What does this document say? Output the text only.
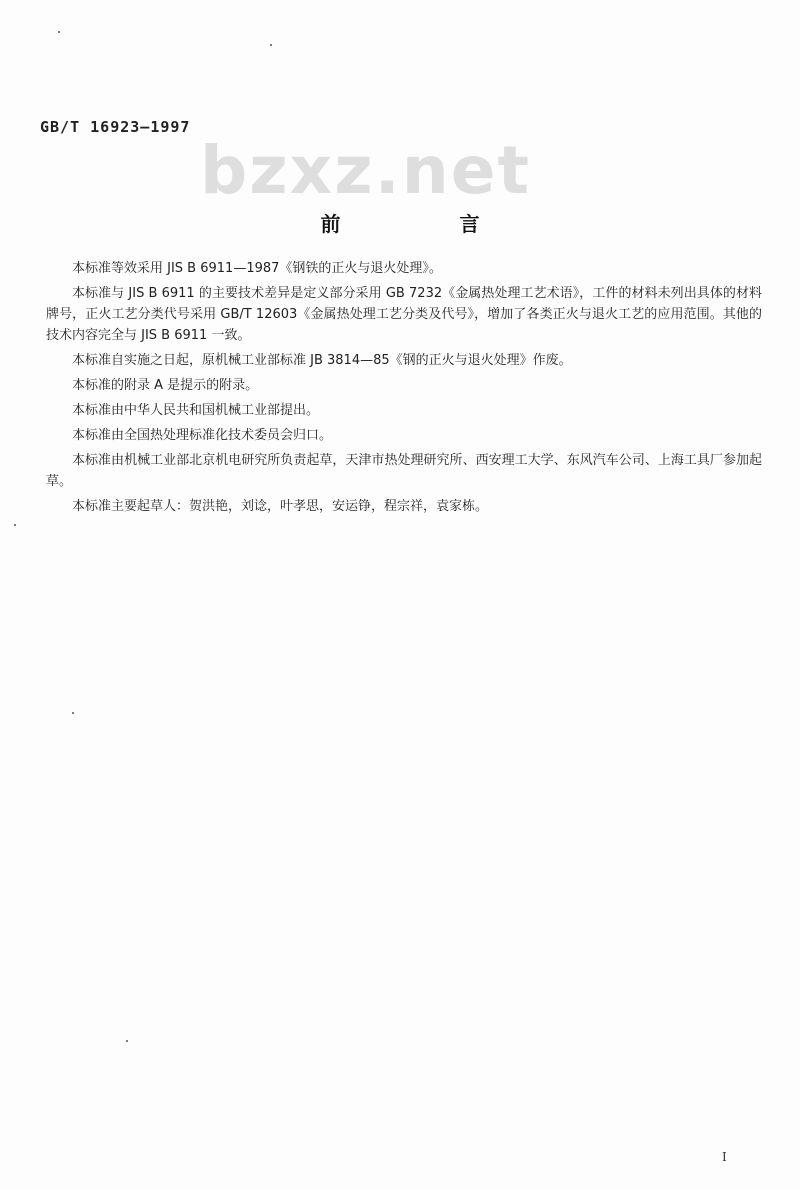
GB/T 16923—1997
bzxz.net
前 言

本标准等效采用 JIS B 6911—1987《钢铁的正火与退火处理》。

本标准与 JIS B 6911 的主要技术差异是定义部分采用 GB 7232《金属热处理工艺术语》，工件的材料未列出具体的材料牌号，正火工艺分类代号采用 GB/T 12603《金属热处理工艺分类及代号》，增加了各类正火与退火工艺的应用范围。其他的技术内容完全与 JIS B 6911 一致。

本标准自实施之日起，原机械工业部标准 JB 3814—85《钢的正火与退火处理》作废。

本标准的附录 A 是提示的附录。

本标准由中华人民共和国机械工业部提出。

本标准由全国热处理标准化技术委员会归口。

本标准由机械工业部北京机电研究所负责起草，天津市热处理研究所、西安理工大学、东风汽车公司、上海工具厂参加起草。

本标准主要起草人：贺洪艳，刘谂，叶孝思，安运铮，程宗祥，袁家栋。

I
